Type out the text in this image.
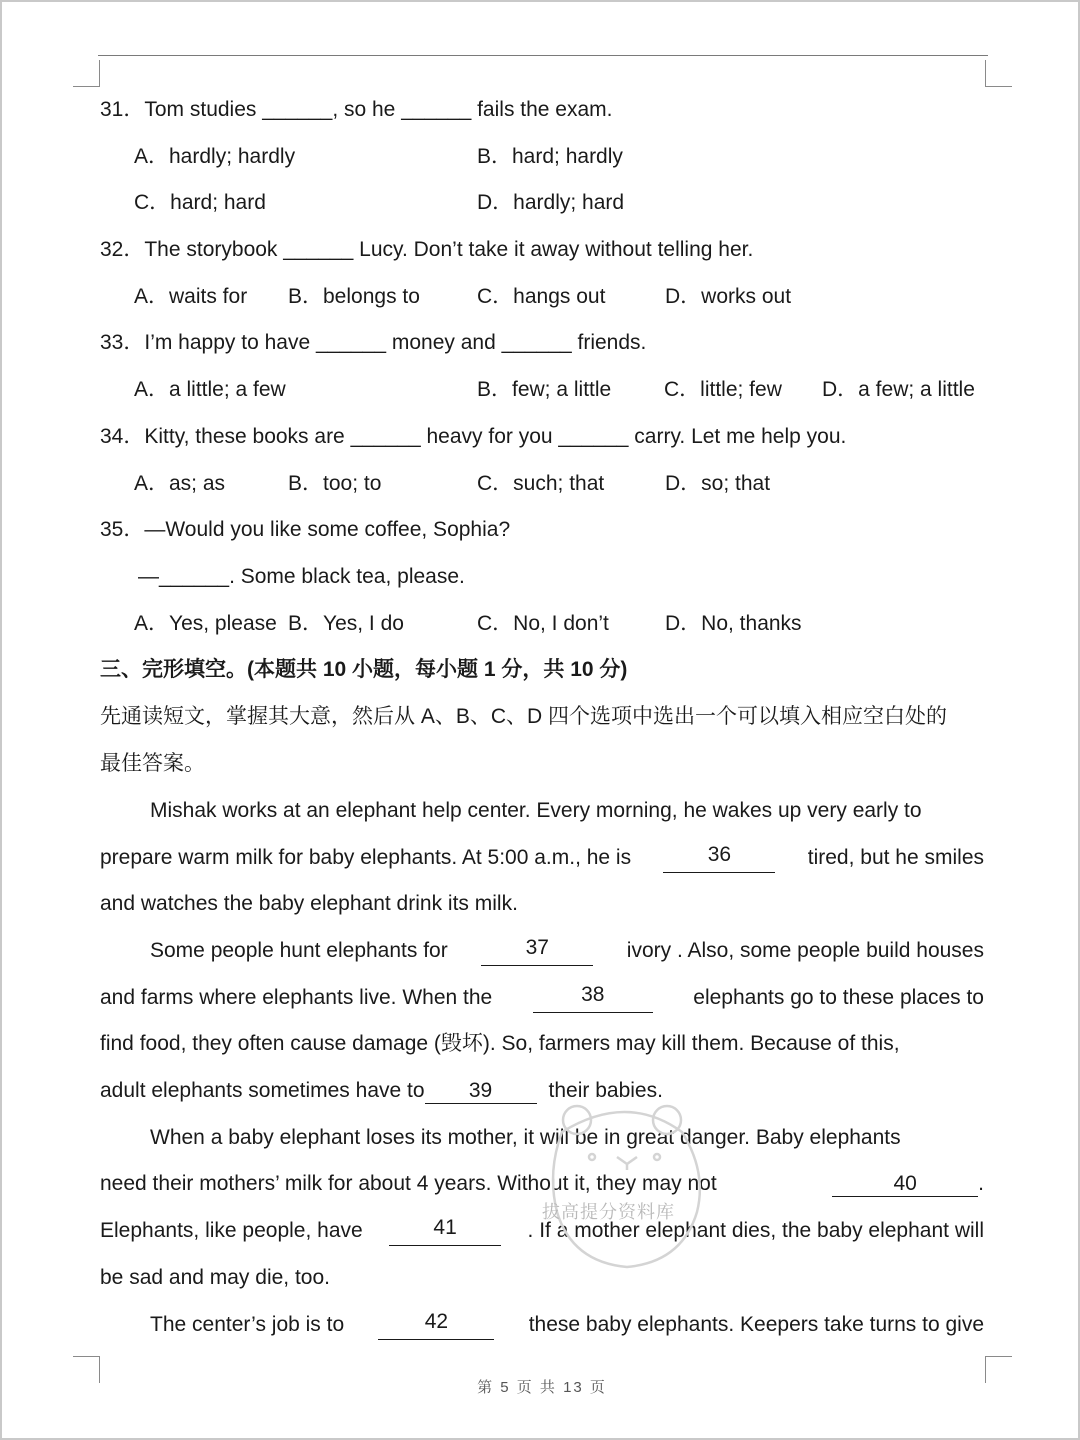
31．Tom studies ______, so he ______ fails the exam.
A．hardly; hardly	B．hard; hardly
C．hard; hard	D．hardly; hard
32．The storybook ______ Lucy. Don’t take it away without telling her.
A．waits for B．belongs to	C．hangs out	D．works out
33．I’m happy to have ______ money and ______ friends.
A．a little; a few	B．few; a little	C．little; few D．a few; a little
34．Kitty, these books are ______ heavy for you ______ carry. Let me help you.
A．as; as	B．too; to	C．such; that	D．so; that
35．—Would you like some coffee, Sophia?
—______. Some black tea, please.
A．Yes, please B．Yes, I do	C．No, I don’t	D．No, thanks
三、完形填空。(本题共 10 小题，每小题 1 分，共 10 分)
先通读短文，掌握其大意，然后从 A、B、C、D 四个选项中选出一个可以填入相应空白处的
最佳答案。
Mishak works at an elephant help center. Every morning, he wakes up very early to
prepare warm milk for baby elephants. At 5:00 a.m., he is	36	tired, but he smiles
and watches the baby elephant drink its milk.
Some people hunt elephants for	37	ivory . Also, some people build houses
and farms where elephants live. When the	38	elephants go to these places to
find food, they often cause damage (毁坏). So, farmers may kill them. Because of this,
adult elephants sometimes have to 39	their babies.
When a baby elephant loses its mother, it will be in great danger. Baby elephants
need their mothers’ milk for about 4 years. Without it, they may not	40	.
Elephants, like people, have	41	. If a mother elephant dies, the baby elephant will
be sad and may die, too.
The center’s job is to	42	these baby elephants. Keepers take turns to give
拔高提分资料库
第 5 页 共 13 页
